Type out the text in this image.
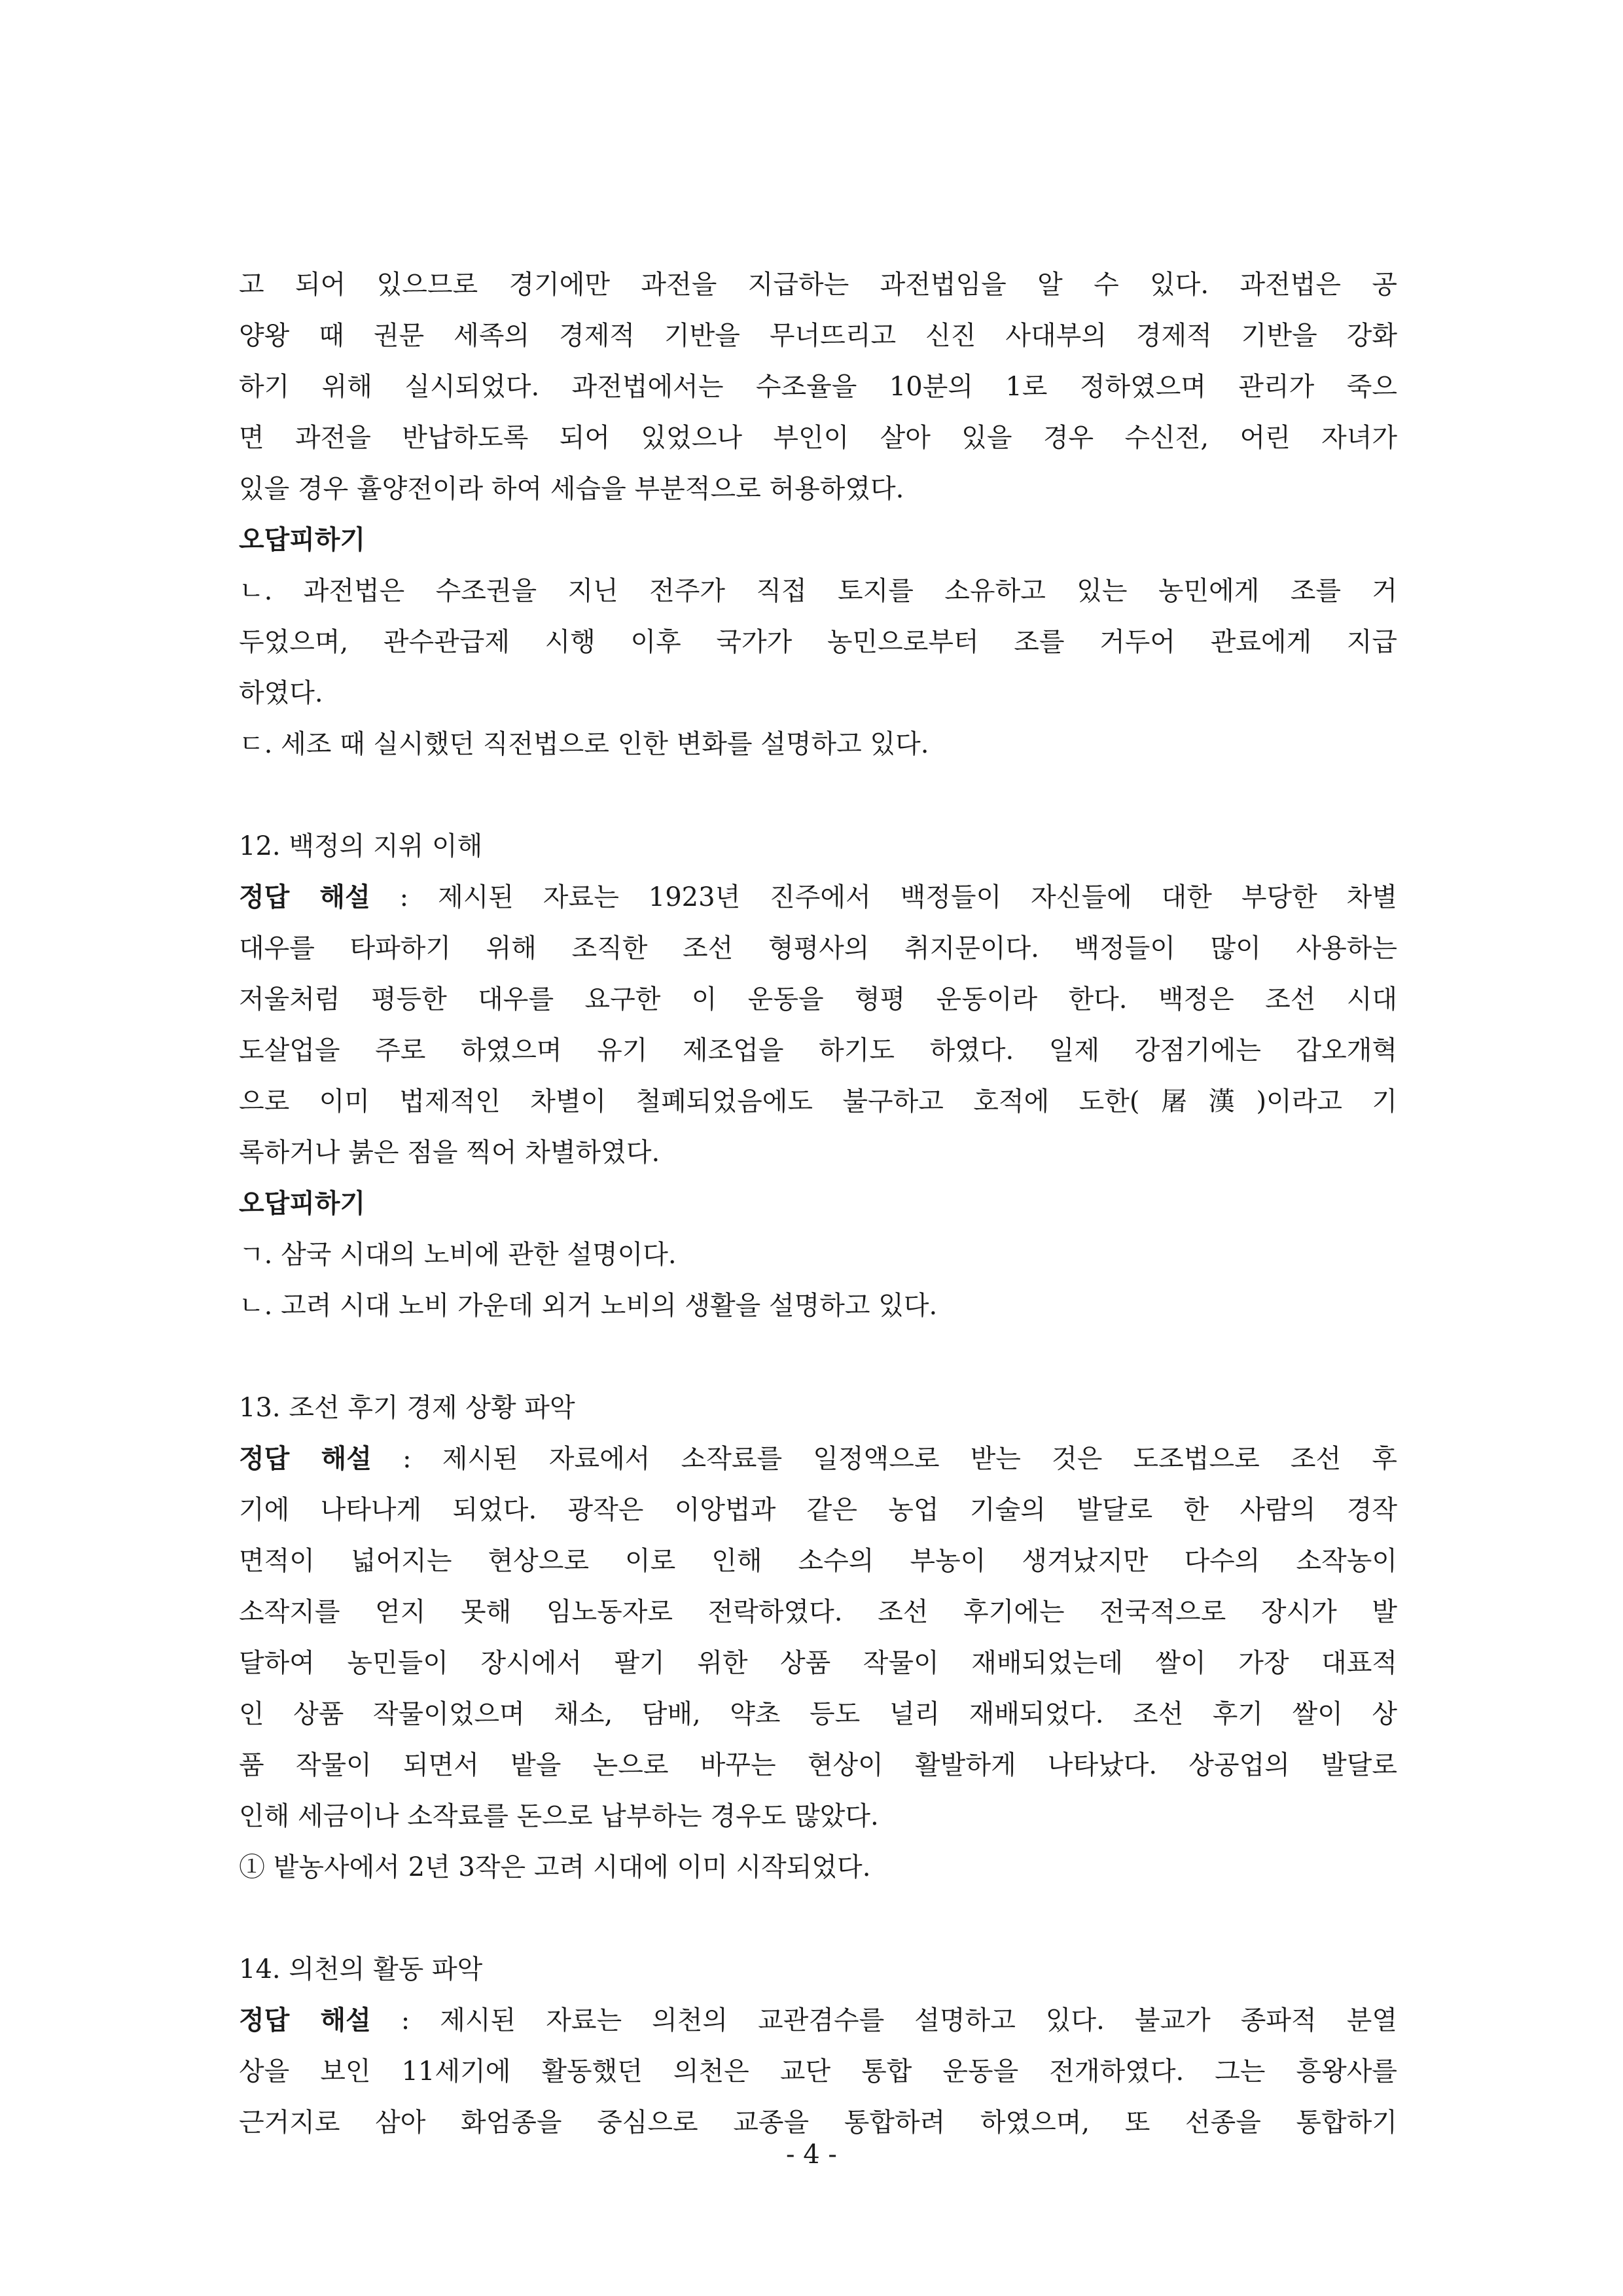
고 되어 있으므로 경기에만 과전을 지급하는 과전법임을 알 수 있다. 과전법은 공
양왕 때 권문 세족의 경제적 기반을 무너뜨리고 신진 사대부의 경제적 기반을 강화
하기 위해 실시되었다. 과전법에서는 수조율을 10분의 1로 정하였으며 관리가 죽으
면 과전을 반납하도록 되어 있었으나 부인이 살아 있을 경우 수신전, 어린 자녀가
있을 경우 휼양전이라 하여 세습을 부분적으로 허용하였다.
오답피하기
ㄴ. 과전법은 수조권을 지닌 전주가 직접 토지를 소유하고 있는 농민에게 조를 거
두었으며, 관수관급제 시행 이후 국가가 농민으로부터 조를 거두어 관료에게 지급
하였다.
ㄷ. 세조 때 실시했던 직전법으로 인한 변화를 설명하고 있다.
12. 백정의 지위 이해
정답 해설 : 제시된 자료는 1923년 진주에서 백정들이 자신들에 대한 부당한 차별
대우를 타파하기 위해 조직한 조선 형평사의 취지문이다. 백정들이 많이 사용하는
저울처럼 평등한 대우를 요구한 이 운동을 형평 운동이라 한다. 백정은 조선 시대
도살업을 주로 하였으며 유기 제조업을 하기도 하였다. 일제 강점기에는 갑오개혁
으로 이미 법제적인 차별이 철폐되었음에도 불구하고 호적에 도한(屠漢)이라고 기
록하거나 붉은 점을 찍어 차별하였다.
오답피하기
ㄱ. 삼국 시대의 노비에 관한 설명이다.
ㄴ. 고려 시대 노비 가운데 외거 노비의 생활을 설명하고 있다.
13. 조선 후기 경제 상황 파악
정답 해설 : 제시된 자료에서 소작료를 일정액으로 받는 것은 도조법으로 조선 후
기에 나타나게 되었다. 광작은 이앙법과 같은 농업 기술의 발달로 한 사람의 경작
면적이 넓어지는 현상으로 이로 인해 소수의 부농이 생겨났지만 다수의 소작농이
소작지를 얻지 못해 임노동자로 전락하였다. 조선 후기에는 전국적으로 장시가 발
달하여 농민들이 장시에서 팔기 위한 상품 작물이 재배되었는데 쌀이 가장 대표적
인 상품 작물이었으며 채소, 담배, 약초 등도 널리 재배되었다. 조선 후기 쌀이 상
품 작물이 되면서 밭을 논으로 바꾸는 현상이 활발하게 나타났다. 상공업의 발달로
인해 세금이나 소작료를 돈으로 납부하는 경우도 많았다.
① 밭농사에서 2년 3작은 고려 시대에 이미 시작되었다.
14. 의천의 활동 파악
정답 해설 : 제시된 자료는 의천의 교관겸수를 설명하고 있다. 불교가 종파적 분열
상을 보인 11세기에 활동했던 의천은 교단 통합 운동을 전개하였다. 그는 흥왕사를
근거지로 삼아 화엄종을 중심으로 교종을 통합하려 하였으며, 또 선종을 통합하기
- 4 -
